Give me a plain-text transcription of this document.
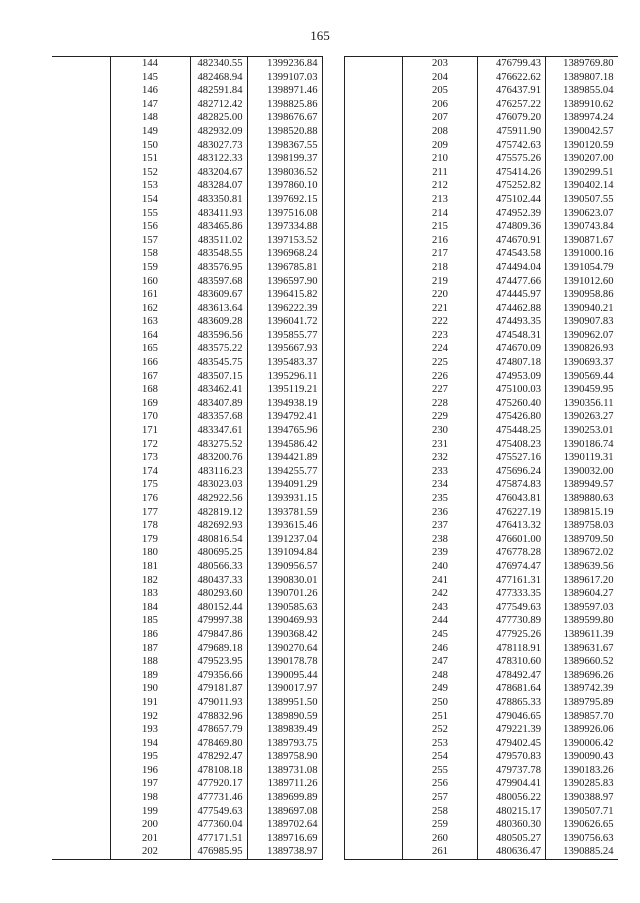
165
	144	482340.55	1399236.84
	145	482468.94	1399107.03
	146	482591.84	1398971.46
	147	482712.42	1398825.86
	148	482825.00	1398676.67
	149	482932.09	1398520.88
	150	483027.73	1398367.55
	151	483122.33	1398199.37
	152	483204.67	1398036.52
	153	483284.07	1397860.10
	154	483350.81	1397692.15
	155	483411.93	1397516.08
	156	483465.86	1397334.88
	157	483511.02	1397153.52
	158	483548.55	1396968.24
	159	483576.95	1396785.81
	160	483597.68	1396597.90
	161	483609.67	1396415.82
	162	483613.64	1396222.39
	163	483609.28	1396041.72
	164	483596.56	1395855.77
	165	483575.22	1395667.93
	166	483545.75	1395483.37
	167	483507.15	1395296.11
	168	483462.41	1395119.21
	169	483407.89	1394938.19
	170	483357.68	1394792.41
	171	483347.61	1394765.96
	172	483275.52	1394586.42
	173	483200.76	1394421.89
	174	483116.23	1394255.77
	175	483023.03	1394091.29
	176	482922.56	1393931.15
	177	482819.12	1393781.59
	178	482692.93	1393615.46
	179	480816.54	1391237.04
	180	480695.25	1391094.84
	181	480566.33	1390956.57
	182	480437.33	1390830.01
	183	480293.60	1390701.26
	184	480152.44	1390585.63
	185	479997.38	1390469.93
	186	479847.86	1390368.42
	187	479689.18	1390270.64
	188	479523.95	1390178.78
	189	479356.66	1390095.44
	190	479181.87	1390017.97
	191	479011.93	1389951.50
	192	478832.96	1389890.59
	193	478657.79	1389839.49
	194	478469.80	1389793.75
	195	478292.47	1389758.90
	196	478108.18	1389731.08
	197	477920.17	1389711.26
	198	477731.46	1389699.89
	199	477549.63	1389697.08
	200	477360.04	1389702.64
	201	477171.51	1389716.69
	202	476985.95	1389738.97
	203	476799.43	1389769.80
	204	476622.62	1389807.18
	205	476437.91	1389855.04
	206	476257.22	1389910.62
	207	476079.20	1389974.24
	208	475911.90	1390042.57
	209	475742.63	1390120.59
	210	475575.26	1390207.00
	211	475414.26	1390299.51
	212	475252.82	1390402.14
	213	475102.44	1390507.55
	214	474952.39	1390623.07
	215	474809.36	1390743.84
	216	474670.91	1390871.67
	217	474543.58	1391000.16
	218	474494.04	1391054.79
	219	474477.66	1391012.60
	220	474445.97	1390958.86
	221	474462.88	1390940.21
	222	474493.35	1390907.83
	223	474548.31	1390962.07
	224	474670.09	1390826.93
	225	474807.18	1390693.37
	226	474953.09	1390569.44
	227	475100.03	1390459.95
	228	475260.40	1390356.11
	229	475426.80	1390263.27
	230	475448.25	1390253.01
	231	475408.23	1390186.74
	232	475527.16	1390119.31
	233	475696.24	1390032.00
	234	475874.83	1389949.57
	235	476043.81	1389880.63
	236	476227.19	1389815.19
	237	476413.32	1389758.03
	238	476601.00	1389709.50
	239	476778.28	1389672.02
	240	476974.47	1389639.56
	241	477161.31	1389617.20
	242	477333.35	1389604.27
	243	477549.63	1389597.03
	244	477730.89	1389599.80
	245	477925.26	1389611.39
	246	478118.91	1389631.67
	247	478310.60	1389660.52
	248	478492.47	1389696.26
	249	478681.64	1389742.39
	250	478865.33	1389795.89
	251	479046.65	1389857.70
	252	479221.39	1389926.06
	253	479402.45	1390006.42
	254	479570.83	1390090.43
	255	479737.78	1390183.26
	256	479904.41	1390285.83
	257	480056.22	1390388.97
	258	480215.17	1390507.71
	259	480360.30	1390626.65
	260	480505.27	1390756.63
	261	480636.47	1390885.24
